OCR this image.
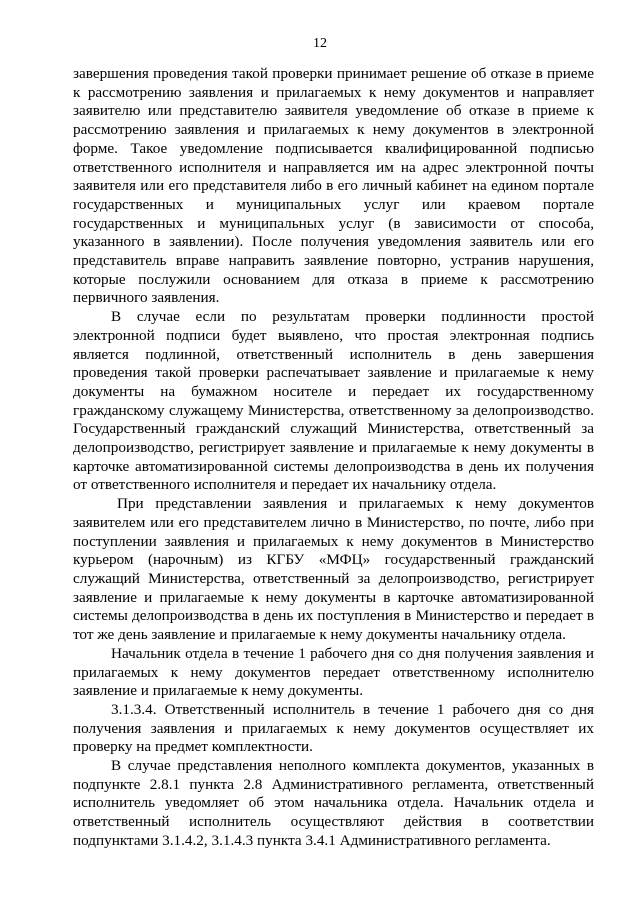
12

завершения проведения такой проверки принимает решение об отказе в приеме к рассмотрению заявления и прилагаемых к нему документов и направляет заявителю или представителю заявителя уведомление об отказе в приеме к рассмотрению заявления и прилагаемых к нему документов в электронной форме. Такое уведомление подписывается квалифицированной подписью ответственного исполнителя и направляется им на адрес электронной почты заявителя или его представителя либо в его личный кабинет на едином портале государственных и муниципальных услуг или краевом портале государственных и муниципальных услуг (в зависимости от способа, указанного в заявлении). После получения уведомления заявитель или его представитель вправе направить заявление повторно, устранив нарушения, которые послужили основанием для отказа в приеме к рассмотрению первичного заявления.

В случае если по результатам проверки подлинности простой электронной подписи будет выявлено, что простая электронная подпись является подлинной, ответственный исполнитель в день завершения проведения такой проверки распечатывает заявление и прилагаемые к нему документы на бумажном носителе и передает их государственному гражданскому служащему Министерства, ответственному за делопроизводство. Государственный гражданский служащий Министерства, ответственный за делопроизводство, регистрирует заявление и прилагаемые к нему документы в карточке автоматизированной системы делопроизводства в день их получения от ответственного исполнителя и передает их начальнику отдела.

При представлении заявления и прилагаемых к нему документов заявителем или его представителем лично в Министерство, по почте, либо при поступлении заявления и прилагаемых к нему документов в Министерство курьером (нарочным) из КГБУ «МФЦ» государственный гражданский служащий Министерства, ответственный за делопроизводство, регистрирует заявление и прилагаемые к нему документы в карточке автоматизированной системы делопроизводства в день их поступления в Министерство и передает в тот же день заявление и прилагаемые к нему документы начальнику отдела.

Начальник отдела в течение 1 рабочего дня со дня получения заявления и прилагаемых к нему документов передает ответственному исполнителю заявление и прилагаемые к нему документы.

3.1.3.4. Ответственный исполнитель в течение 1 рабочего дня со дня получения заявления и прилагаемых к нему документов осуществляет их проверку на предмет комплектности.

В случае представления неполного комплекта документов, указанных в подпункте 2.8.1 пункта 2.8 Административного регламента, ответственный исполнитель уведомляет об этом начальника отдела. Начальник отдела и ответственный исполнитель осуществляют действия в соответствии подпунктами 3.1.4.2, 3.1.4.3 пункта 3.4.1 Административного регламента.
